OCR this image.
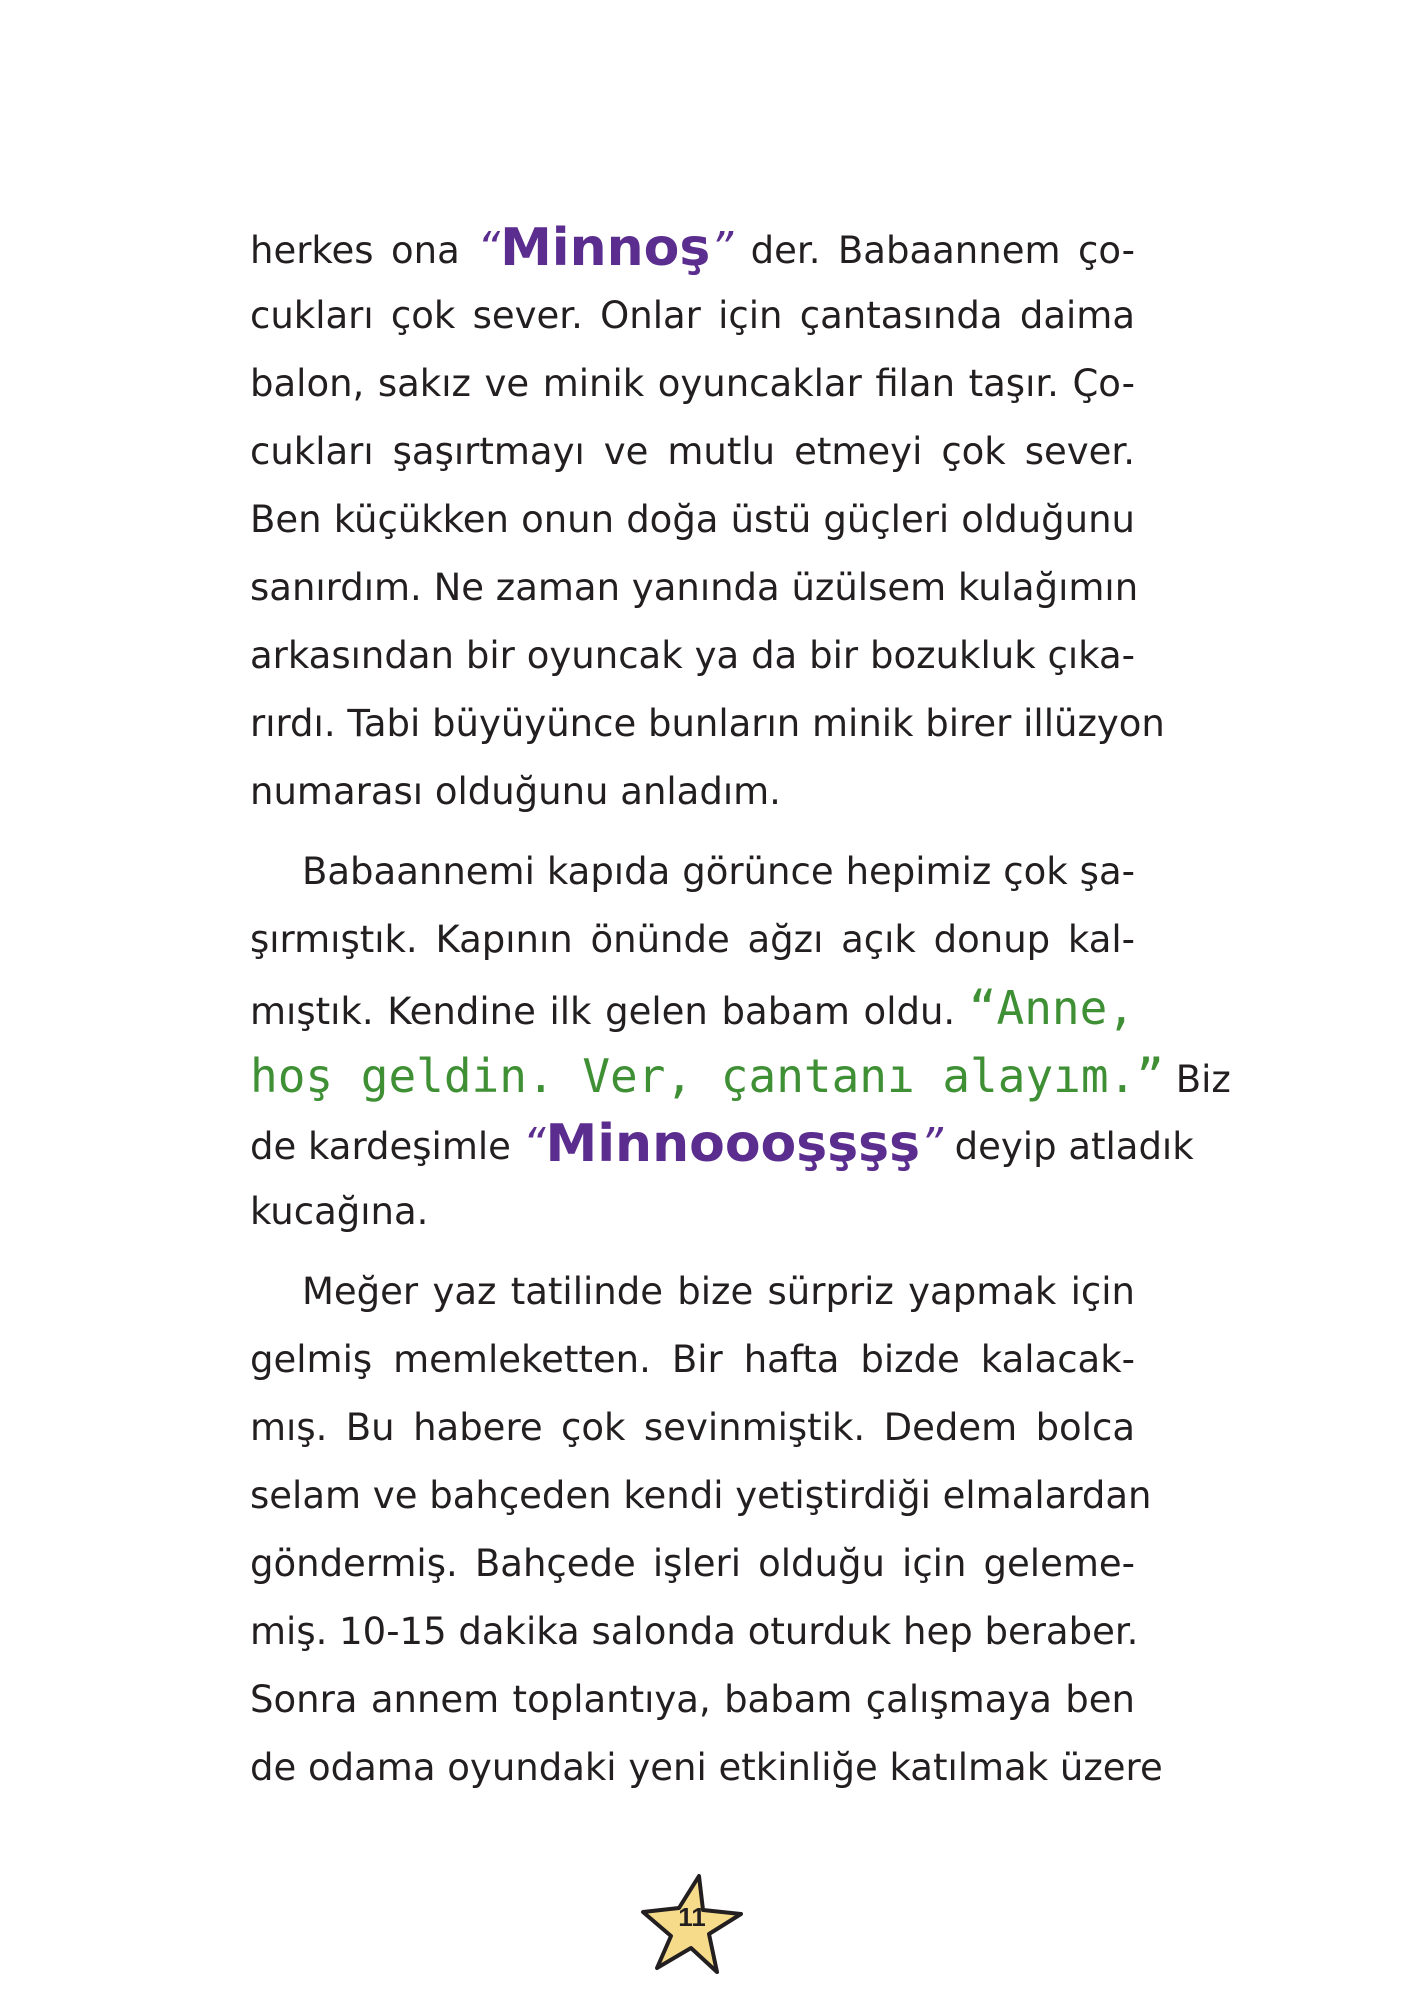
herkes ona “Minnoş” der. Babaannem ço-
cukları çok sever. Onlar için çantasında daima
balon, sakız ve minik oyuncaklar filan taşır. Ço-
cukları şaşırtmayı ve mutlu etmeyi çok sever.
Ben küçükken onun doğa üstü güçleri olduğunu
sanırdım. Ne zaman yanında üzülsem kulağımın
arkasından bir oyuncak ya da bir bozukluk çıka-
rırdı. Tabi büyüyünce bunların minik birer illüzyon
numarası olduğunu anladım.
Babaannemi kapıda görünce hepimiz çok şa-
şırmıştık. Kapının önünde ağzı açık donup kal-
mıştık. Kendine ilk gelen babam oldu. “Anne,
hoş geldin. Ver, çantanı alayım.” Biz
de kardeşimle “Minnoooşşşş” deyip atladık
kucağına.
Meğer yaz tatilinde bize sürpriz yapmak için
gelmiş memleketten. Bir hafta bizde kalacak-
mış. Bu habere çok sevinmiştik. Dedem bolca
selam ve bahçeden kendi yetiştirdiği elmalardan
göndermiş. Bahçede işleri olduğu için geleme-
miş. 10-15 dakika salonda oturduk hep beraber.
Sonra annem toplantıya, babam çalışmaya ben
de odama oyundaki yeni etkinliğe katılmak üzere
11
